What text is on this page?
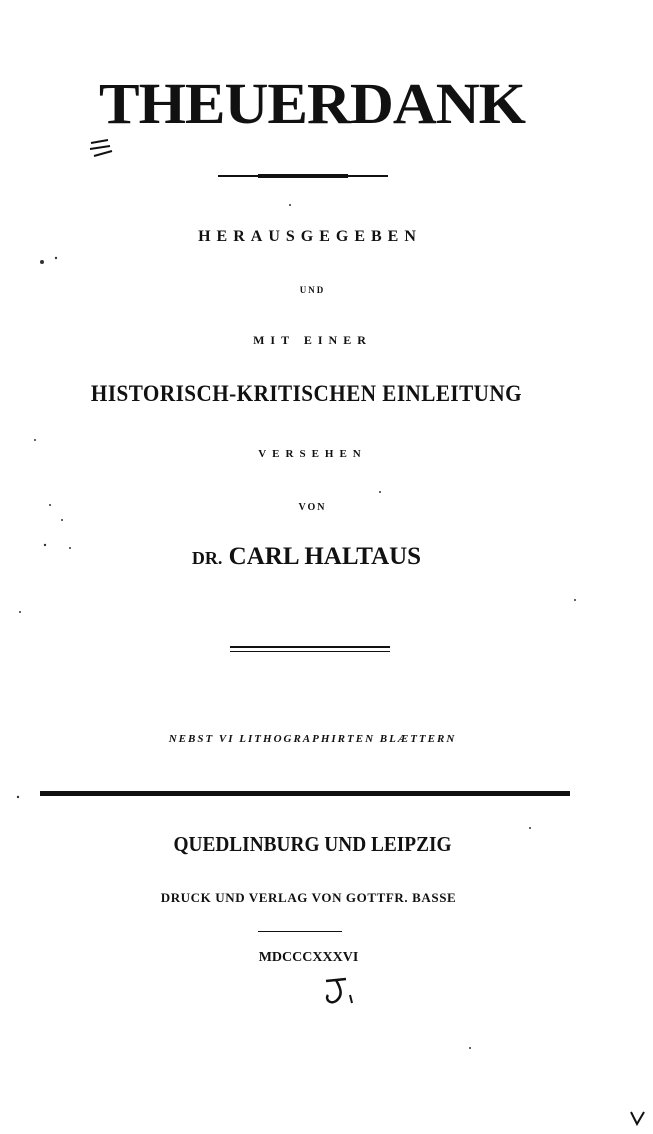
THEUERDANK
HERAUSGEGEBEN
UND
MIT EINER
HISTORISCH-KRITISCHEN EINLEITUNG
VERSEHEN
VON
DR. CARL HALTAUS
NEBST VI LITHOGRAPHIRTEN BLÆTTERN
QUEDLINBURG UND LEIPZIG
DRUCK UND VERLAG VON GOTTFR. BASSE
MDCCCXXXVI
